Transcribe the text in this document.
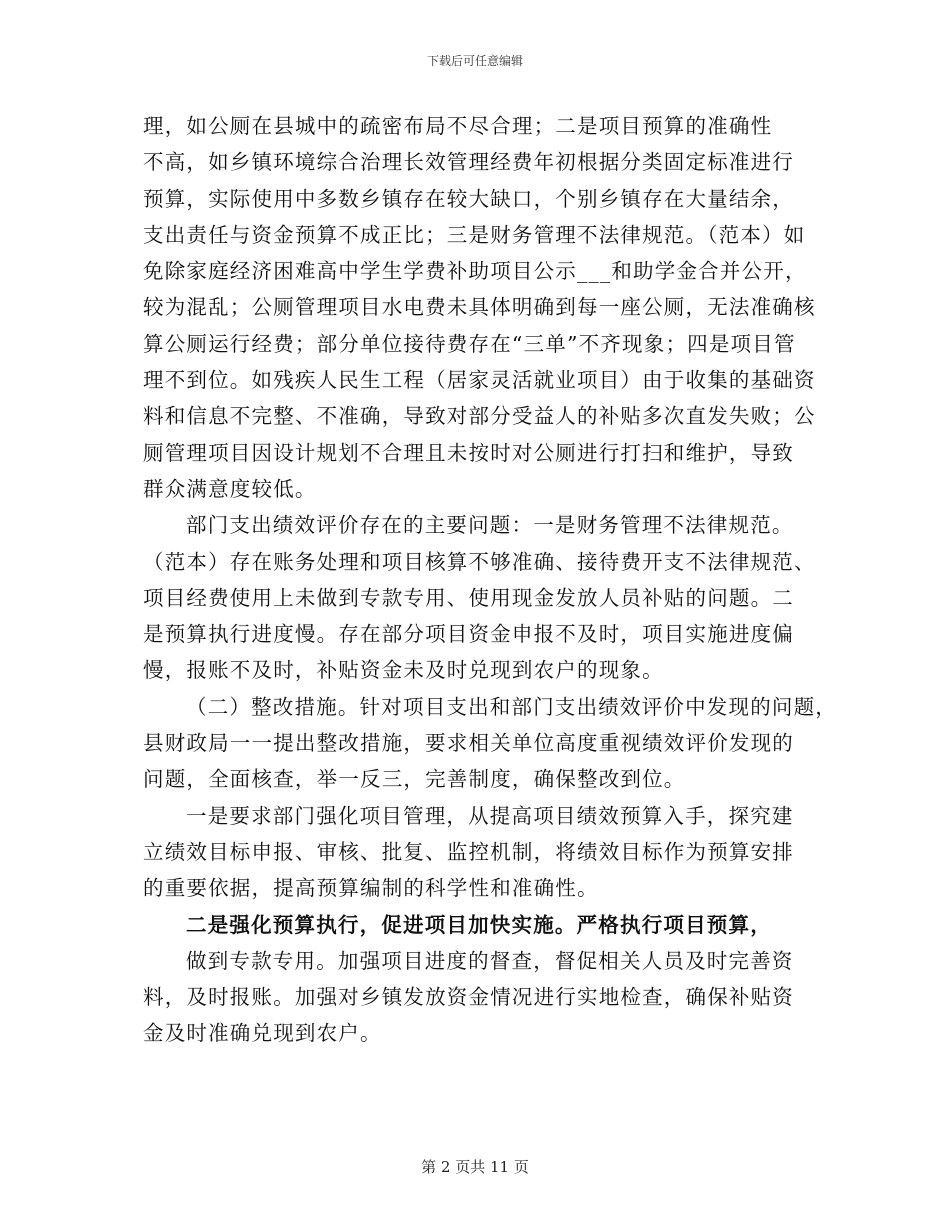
下载后可任意编辑

理，如公厕在县城中的疏密布局不尽合理；二是项目预算的准确性
不高，如乡镇环境综合治理长效管理经费年初根据分类固定标准进行
预算，实际使用中多数乡镇存在较大缺口，个别乡镇存在大量结余，
支出责任与资金预算不成正比；三是财务管理不法律规范。（范本）如
免除家庭经济困难高中学生学费补助项目公示___和助学金合并公开，
较为混乱；公厕管理项目水电费未具体明确到每一座公厕，无法准确核
算公厕运行经费；部分单位接待费存在“三单”不齐现象；四是项目管
理不到位。如残疾人民生工程（居家灵活就业项目）由于收集的基础资
料和信息不完整、不准确，导致对部分受益人的补贴多次直发失败；公
厕管理项目因设计规划不合理且未按时对公厕进行打扫和维护，导致
群众满意度较低。

部门支出绩效评价存在的主要问题：一是财务管理不法律规范。
（范本）存在账务处理和项目核算不够准确、接待费开支不法律规范、
项目经费使用上未做到专款专用、使用现金发放人员补贴的问题。二
是预算执行进度慢。存在部分项目资金申报不及时，项目实施进度偏
慢，报账不及时，补贴资金未及时兑现到农户的现象。

（二）整改措施。针对项目支出和部门支出绩效评价中发现的问题，
县财政局一一提出整改措施，要求相关单位高度重视绩效评价发现的
问题，全面核查，举一反三，完善制度，确保整改到位。

一是要求部门强化项目管理，从提高项目绩效预算入手，探究建
立绩效目标申报、审核、批复、监控机制，将绩效目标作为预算安排
的重要依据，提高预算编制的科学性和准确性。

二是强化预算执行，促进项目加快实施。严格执行项目预算，

做到专款专用。加强项目进度的督查，督促相关人员及时完善资
料，及时报账。加强对乡镇发放资金情况进行实地检查，确保补贴资
金及时准确兑现到农户。

第 2 页共 11 页
